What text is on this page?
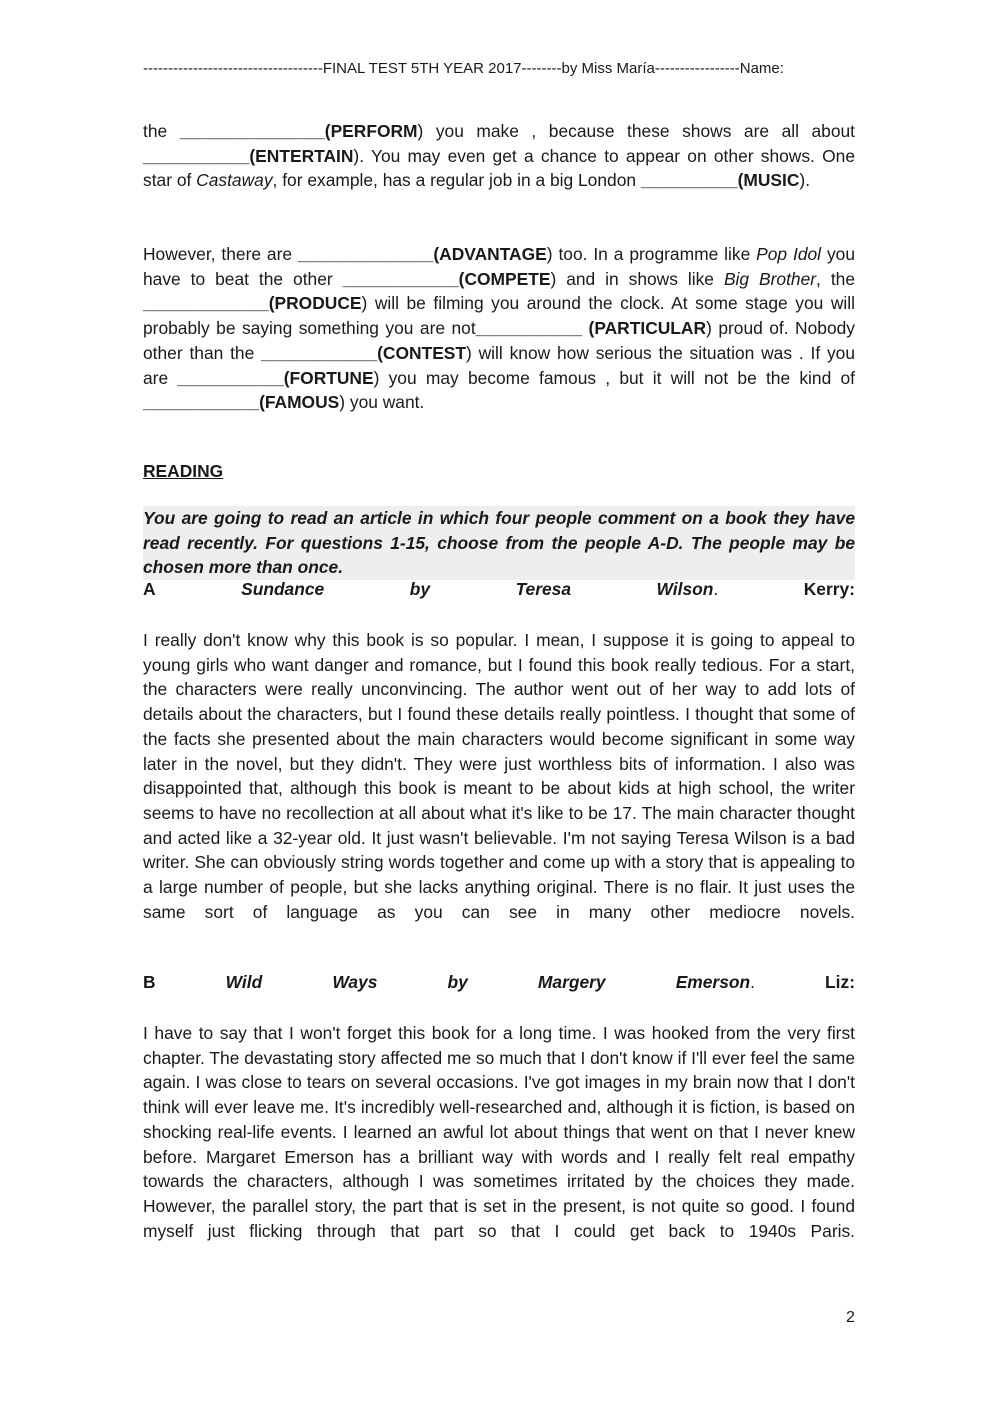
------------------------------------FINAL TEST 5TH YEAR 2017--------by Miss María-----------------Name:
the _______________(PERFORM) you make , because these shows are all about ___________(ENTERTAIN). You may even get a chance to appear on other shows. One star of Castaway, for example, has a regular job in a big London __________(MUSIC).
However, there are ______________(ADVANTAGE) too. In a programme like Pop Idol you have to beat the other ____________(COMPETE) and in shows like Big Brother, the _____________(PRODUCE) will be filming you around the clock. At some stage you will probably be saying something you are not___________ (PARTICULAR) proud of. Nobody other than the ____________(CONTEST) will know how serious the situation was . If you are ___________(FORTUNE) you may become famous , but it will not be the kind of ____________(FAMOUS) you want.
READING
You are going to read an article in which four people comment on a book they have read recently. For questions 1-15, choose from the people A-D. The people may be chosen more than once.
A	Sundance	by	Teresa	Wilson.	Kerry:
I really don't know why this book is so popular. I mean, I suppose it is going to appeal to young girls who want danger and romance, but I found this book really tedious. For a start, the characters were really unconvincing. The author went out of her way to add lots of details about the characters, but I found these details really pointless. I thought that some of the facts she presented about the main characters would become significant in some way later in the novel, but they didn't. They were just worthless bits of information. I also was disappointed that, although this book is meant to be about kids at high school, the writer seems to have no recollection at all about what it's like to be 17. The main character thought and acted like a 32-year old. It just wasn't believable. I'm not saying Teresa Wilson is a bad writer. She can obviously string words together and come up with a story that is appealing to a large number of people, but she lacks anything original. There is no flair. It just uses the same sort of language as you can see in many other mediocre novels.
B	Wild	Ways	by	Margery	Emerson.	Liz:
I have to say that I won't forget this book for a long time. I was hooked from the very first chapter. The devastating story affected me so much that I don't know if I'll ever feel the same again. I was close to tears on several occasions. I've got images in my brain now that I don't think will ever leave me. It's incredibly well-researched and, although it is fiction, is based on shocking real-life events. I learned an awful lot about things that went on that I never knew before. Margaret Emerson has a brilliant way with words and I really felt real empathy towards the characters, although I was sometimes irritated by the choices they made. However, the parallel story, the part that is set in the present, is not quite so good. I found myself just flicking through that part so that I could get back to 1940s Paris.
2
